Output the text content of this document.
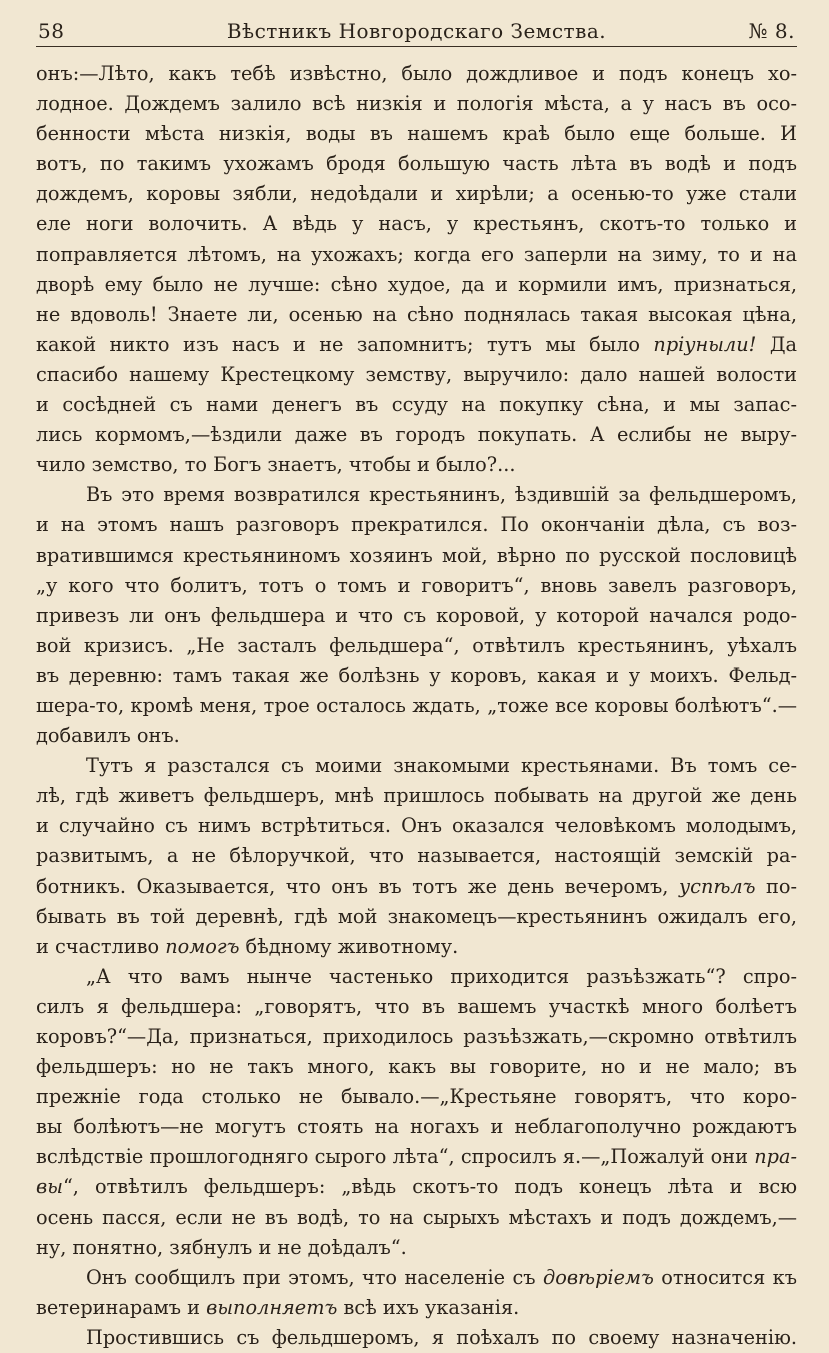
58	Вѣстникъ Новгородскаго Земства.	№ 8.
онъ:—Лѣто, какъ тебѣ извѣстно, было дождливое и подъ конецъ хо-
лодное. Дождемъ залило всѣ низкія и пологія мѣста, а у насъ въ осо-
бенности мѣста низкія, воды въ нашемъ краѣ было еще больше. И
вотъ, по такимъ ухожамъ бродя большую часть лѣта въ водѣ и подъ
дождемъ, коровы зябли, недоѣдали и хирѣли; а осенью-то уже стали
еле ноги волочить. А вѣдь у насъ, у крестьянъ, скотъ-то только и
поправляется лѣтомъ, на ухожахъ; когда его заперли на зиму, то и на
дворѣ ему было не лучше: сѣно худое, да и кормили имъ, признаться,
не вдоволь! Знаете ли, осенью на сѣно поднялась такая высокая цѣна,
какой никто изъ насъ и не запомнитъ; тутъ мы было пріуныли! Да
спасибо нашему Крестецкому земству, выручило: дало нашей волости
и сосѣдней съ нами денегъ въ ссуду на покупку сѣна, и мы запас-
лись кормомъ,—ѣздили даже въ городъ покупать. А еслибы не выру-
чило земство, то Богъ знаетъ, чтобы и было?...
Въ это время возвратился крестьянинъ, ѣздившій за фельдшеромъ,
и на этомъ нашъ разговоръ прекратился. По окончаніи дѣла, съ воз-
вратившимся крестьяниномъ хозяинъ мой, вѣрно по русской пословицѣ
„у кого что болитъ, тотъ о томъ и говоритъ“, вновь завелъ разговоръ,
привезъ ли онъ фельдшера и что съ коровой, у которой начался родо-
вой кризисъ. „Не засталъ фельдшера“, отвѣтилъ крестьянинъ, уѣхалъ
въ деревню: тамъ такая же болѣзнь у коровъ, какая и у моихъ. Фельд-
шера-то, кромѣ меня, трое осталось ждать, „тоже все коровы болѣютъ“.—
добавилъ онъ.
Тутъ я разстался съ моими знакомыми крестьянами. Въ томъ се-
лѣ, гдѣ живетъ фельдшеръ, мнѣ пришлось побывать на другой же день
и случайно съ нимъ встрѣтиться. Онъ оказался человѣкомъ молодымъ,
развитымъ, а не бѣлоручкой, что называется, настоящій земскій ра-
ботникъ. Оказывается, что онъ въ тотъ же день вечеромъ, успѣлъ по-
бывать въ той деревнѣ, гдѣ мой знакомецъ—крестьянинъ ожидалъ его,
и счастливо помогъ бѣдному животному.
„А что вамъ нынче частенько приходится разъѣзжать“? спро-
силъ я фельдшера: „говорятъ, что въ вашемъ участкѣ много болѣетъ
коровъ?“—Да, признаться, приходилось разъѣзжать,—скромно отвѣтилъ
фельдшеръ: но не такъ много, какъ вы говорите, но и не мало; въ
прежніе года столько не бывало.—„Крестьяне говорятъ, что коро-
вы болѣютъ—не могутъ стоять на ногахъ и неблагополучно рождаютъ
вслѣдствіе прошлогодняго сырого лѣта“, спросилъ я.—„Пожалуй они пра-
вы“, отвѣтилъ фельдшеръ: „вѣдь скотъ-то подъ конецъ лѣта и всю
осень пасся, если не въ водѣ, то на сырыхъ мѣстахъ и подъ дождемъ,—
ну, понятно, зябнулъ и не доѣдалъ“.
Онъ сообщилъ при этомъ, что населеніе съ довѣріемъ относится къ
ветеринарамъ и выполняетъ всѣ ихъ указанія.
Простившись съ фельдшеромъ, я поѣхалъ по своему назначенію.
